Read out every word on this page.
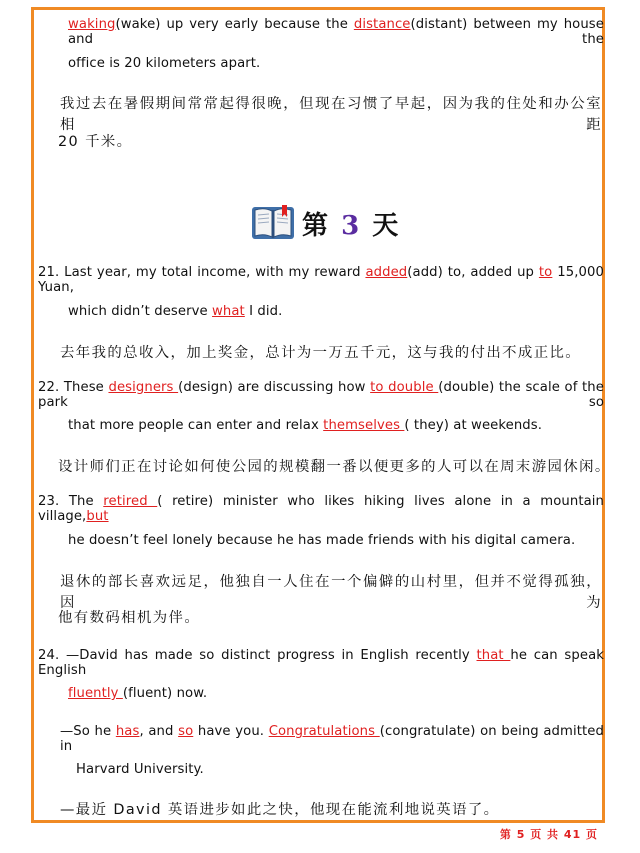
waking(wake) up very early because the distance(distant) between my house and the
office is 20 kilometers apart.
我过去在暑假期间常常起得很晚，但现在习惯了早起，因为我的住处和办公室相距
20 千米。
第 3 天
21. Last year, my total income, with my reward added(add) to, added up to 15,000 Yuan,
which didn’t deserve what I did.
去年我的总收入，加上奖金，总计为一万五千元，这与我的付出不成正比。
22. These designers (design) are discussing how to double (double) the scale of the park so
that more people can enter and relax themselves ( they) at weekends.
设计师们正在讨论如何使公园的规模翻一番以便更多的人可以在周末游园休闲。
23. The retired ( retire) minister who likes hiking lives alone in a mountain village,but
he doesn’t feel lonely because he has made friends with his digital camera.
退休的部长喜欢远足，他独自一人住在一个偏僻的山村里，但并不觉得孤独，因为
他有数码相机为伴。
24. —David has made so distinct progress in English recently that he can speak English
fluently (fluent) now.
—So he has, and so have you. Congratulations (congratulate) on being admitted in
Harvard University.
—最近 David 英语进步如此之快，他现在能流利地说英语了。
第 5 页 共 41 页
